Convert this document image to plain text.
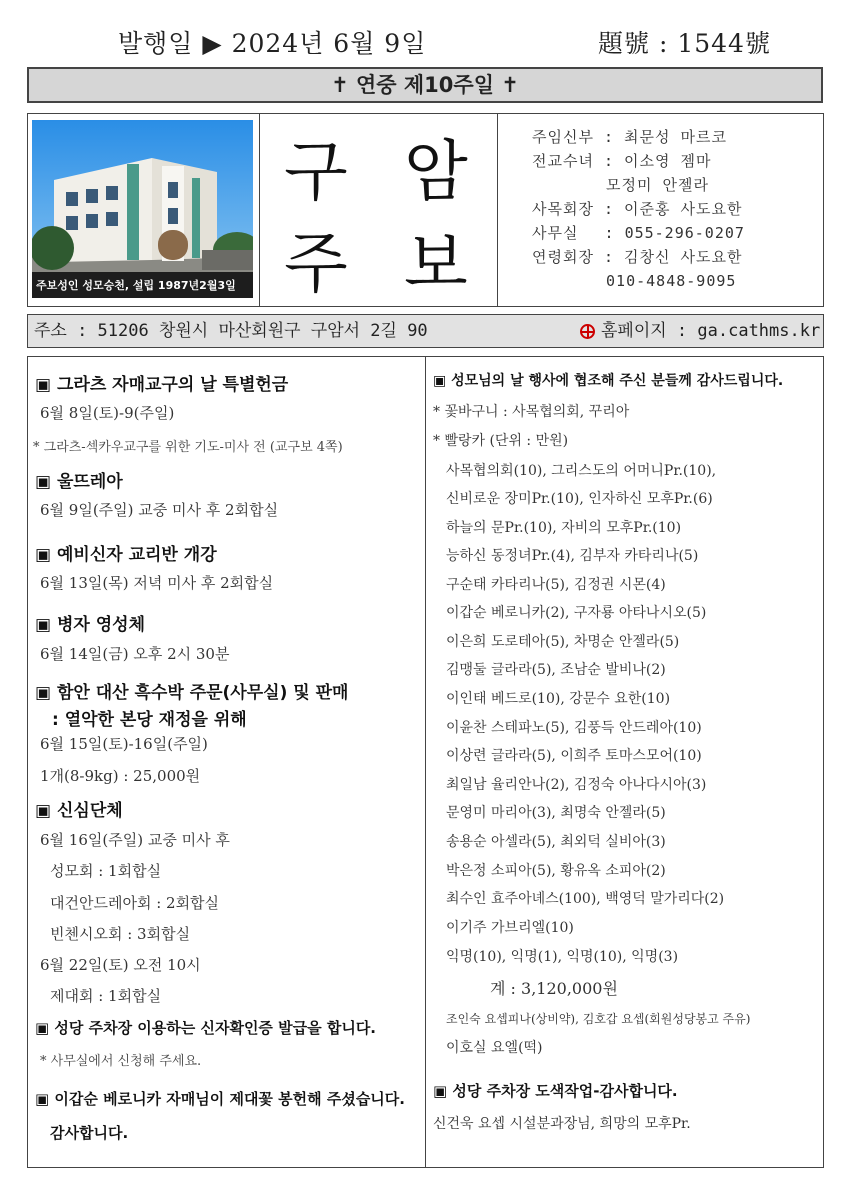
발행일 ▶ 2024년 6월 9일	題號 : 1544號
✝ 연중 제10주일 ✝
주보성인 성모승천, 설립 1987년2월3일
구 암
주 보
주임신부 : 최문성 마르코
전교수녀 : 이소영 젬마
　　　　 모정미 안젤라
사목회장 : 이준홍 사도요한
사무실　 : 055-296-0207
연령회장 : 김창신 사도요한
　　　　 010-4848-9095
주소 : 51206 창원시 마산회원구 구암서 2길 90	홈페이지 : ga.cathms.kr
▣ 그라츠 자매교구의 날 특별헌금
6월 8일(토)-9(주일)
* 그라츠-섹카우교구를 위한 기도-미사 전 (교구보 4쪽)
▣ 울뜨레아
6월 9일(주일) 교중 미사 후 2회합실
▣ 예비신자 교리반 개강
6월 13일(목) 저녁 미사 후 2회합실
▣ 병자 영성체
6월 14일(금) 오후 2시 30분
▣ 함안 대산 흑수박 주문(사무실) 및 판매
　: 열악한 본당 재정을 위해
6월 15일(토)-16일(주일)
1개(8-9kg) : 25,000원
▣ 신심단체
6월 16일(주일) 교중 미사 후
성모회 : 1회합실
대건안드레아회 : 2회합실
빈첸시오회 : 3회합실
6월 22일(토) 오전 10시
제대회 : 1회합실
▣ 성당 주차장 이용하는 신자확인증 발급을 합니다.
* 사무실에서 신청해 주세요.
▣ 이갑순 베로니카 자매님이 제대꽃 봉헌해 주셨습니다.
감사합니다.
▣ 성모님의 날 행사에 협조해 주신 분들께 감사드립니다.
* 꽃바구니 : 사목협의회, 꾸리아
* 빨랑카 (단위 : 만원)
사목협의회(10), 그리스도의 어머니Pr.(10),
신비로운 장미Pr.(10), 인자하신 모후Pr.(6)
하늘의 문Pr.(10), 자비의 모후Pr.(10)
능하신 동정녀Pr.(4), 김부자 카타리나(5)
구순태 카타리나(5), 김정권 시몬(4)
이갑순 베로니카(2), 구자룡 아타나시오(5)
이은희 도로테아(5), 차명순 안젤라(5)
김맹둘 글라라(5), 조남순 발비나(2)
이인태 베드로(10), 강문수 요한(10)
이윤찬 스테파노(5), 김풍득 안드레아(10)
이상련 글라라(5), 이희주 토마스모어(10)
최일남 율리안나(2), 김정숙 아나다시아(3)
문영미 마리아(3), 최명숙 안젤라(5)
송용순 아셀라(5), 최외덕 실비아(3)
박은정 소피아(5), 황유옥 소피아(2)
최수인 효주아녜스(100), 백영덕 말가리다(2)
이기주 가브리엘(10)
익명(10), 익명(1), 익명(10), 익명(3)
계 : 3,120,000원
조인숙 요셉피나(상비약), 김호갑 요셉(회원성당봉고 주유)
이호실 요엘(떡)
▣ 성당 주차장 도색작업-감사합니다.
신건욱 요셉 시설분과장님, 희망의 모후Pr.
